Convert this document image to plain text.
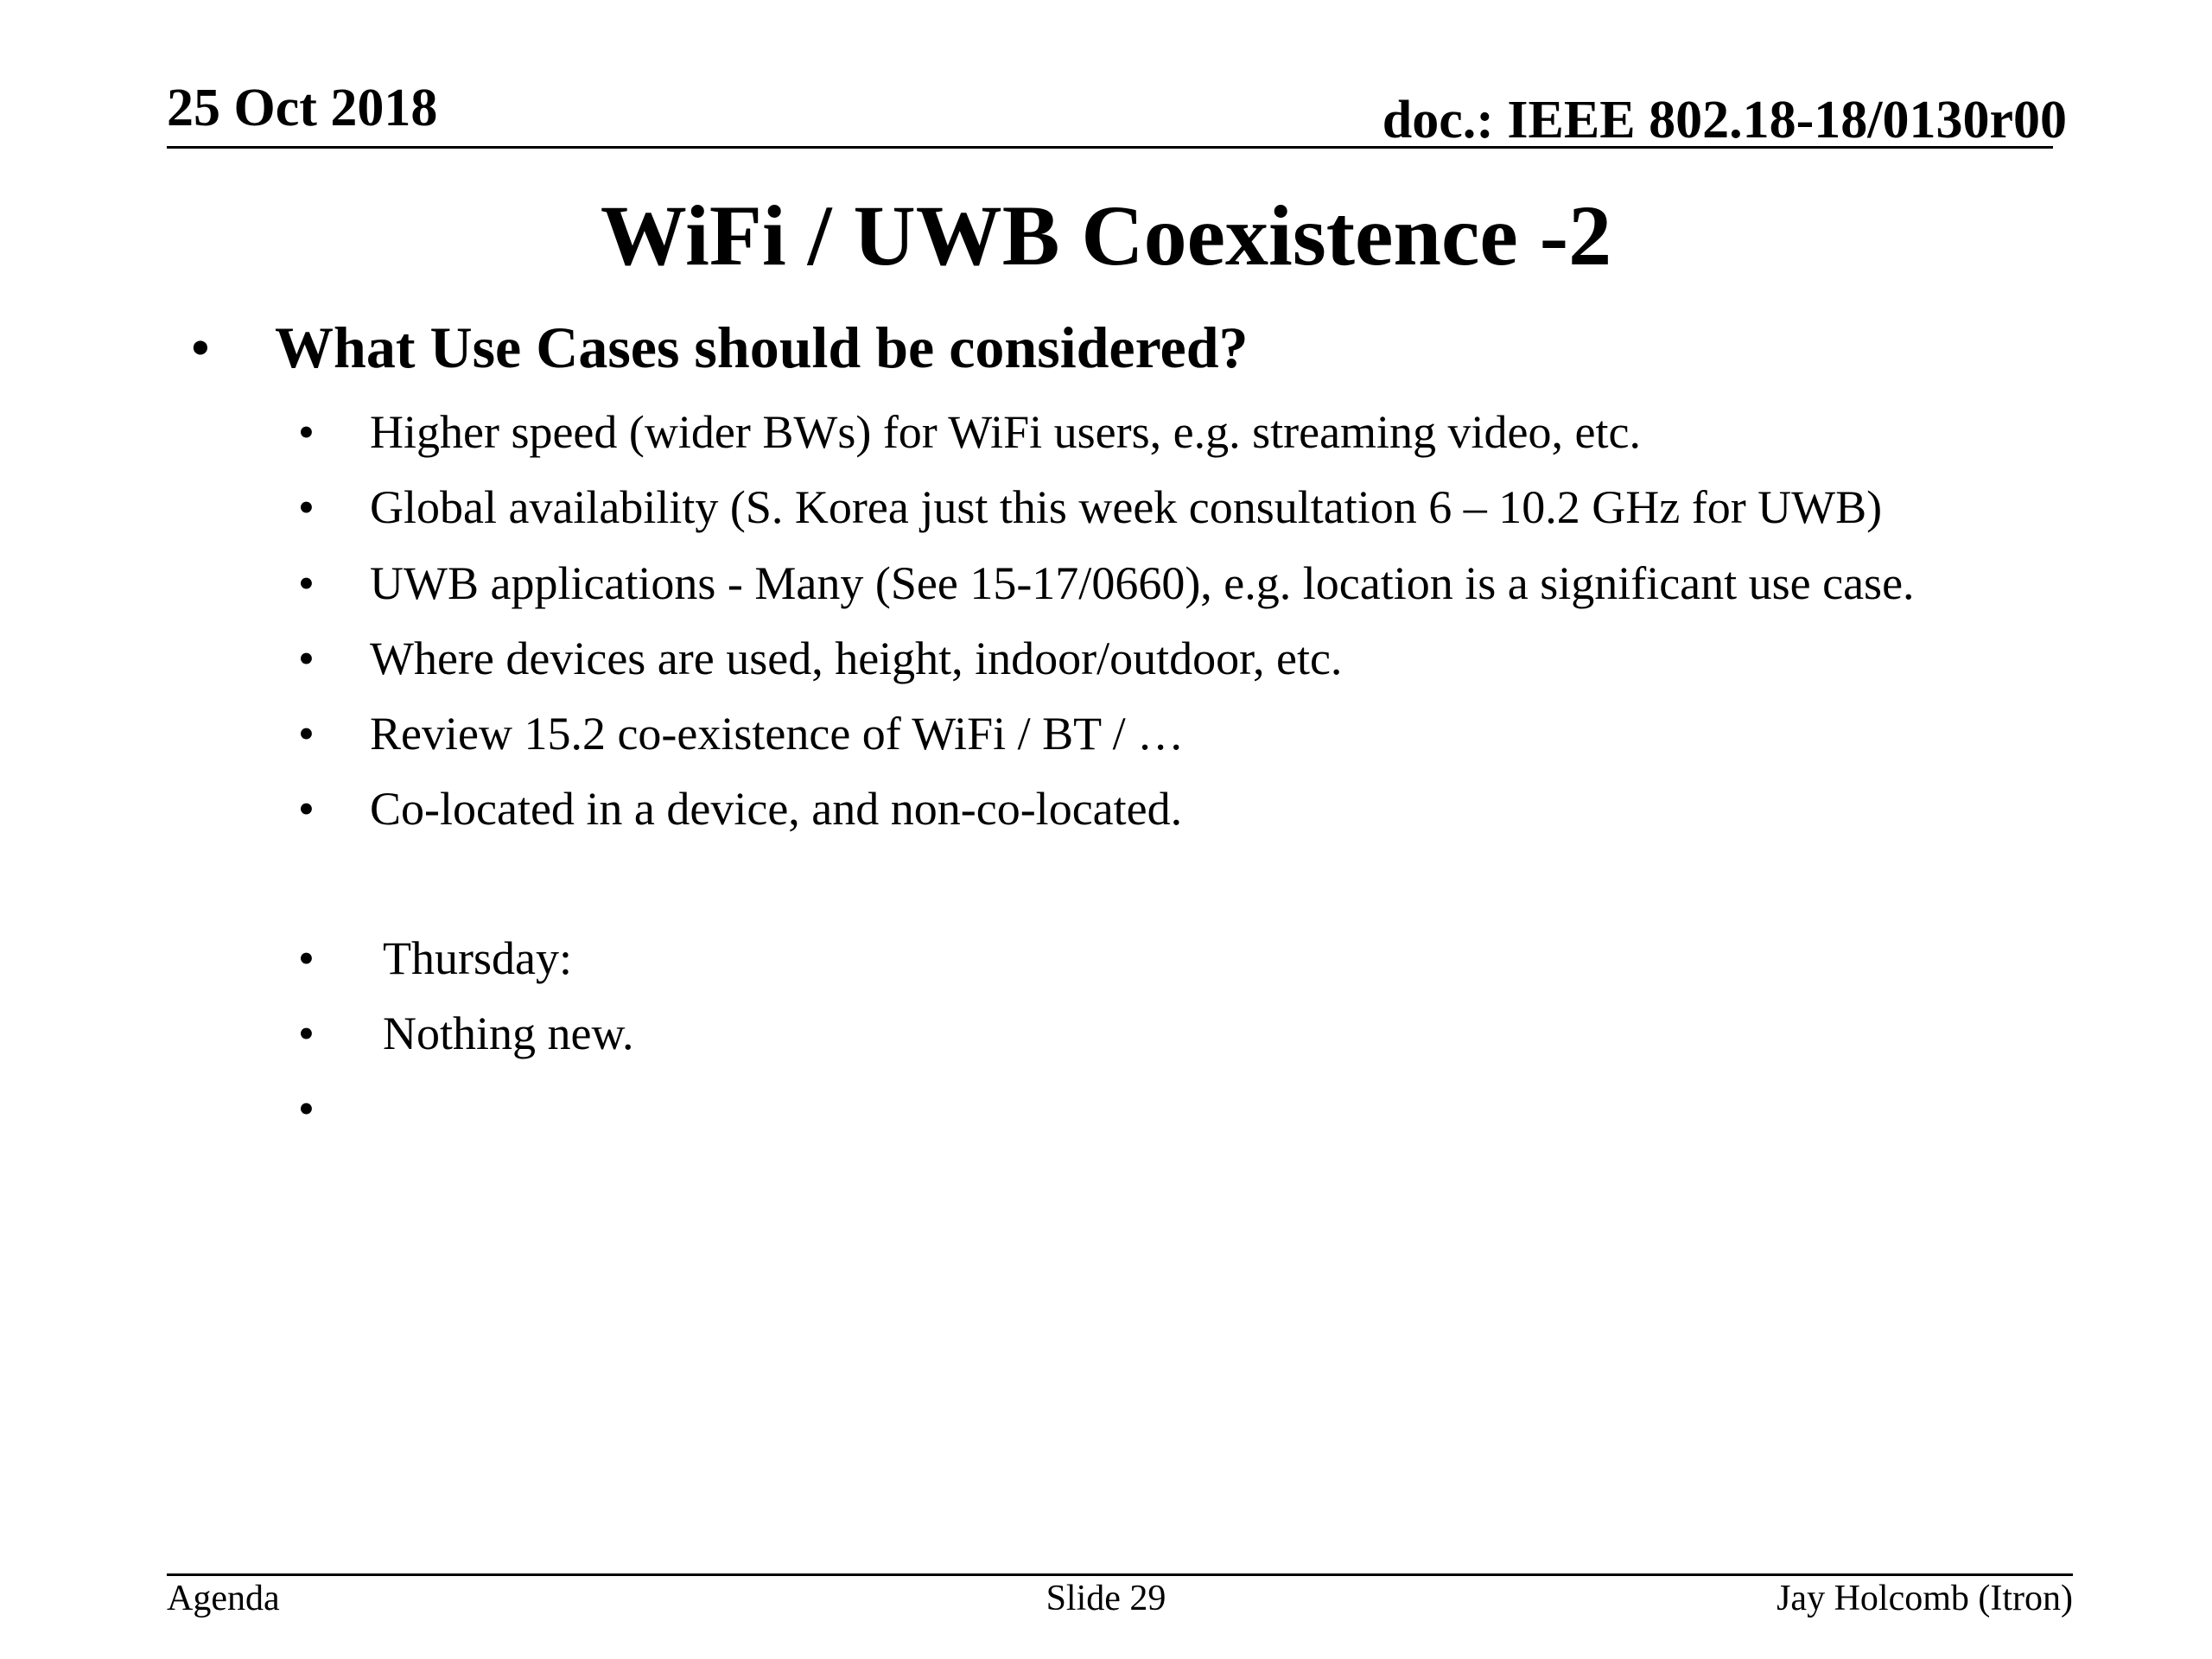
25 Oct 2018	doc.: IEEE 802.18-18/0130r00
WiFi / UWB Coexistence -2
• What Use Cases should be considered?
• Higher speed (wider BWs) for WiFi users, e.g. streaming video, etc.
• Global availability (S. Korea just this week consultation 6 – 10.2 GHz for UWB)
• UWB applications - Many (See 15-17/0660), e.g. location is a significant use case.
• Where devices are used, height, indoor/outdoor, etc.
• Review 15.2 co-existence of WiFi / BT / …
• Co-located in a device, and non-co-located.
• Thursday:
• Nothing new.
•
Agenda	Slide 29	Jay Holcomb (Itron)
